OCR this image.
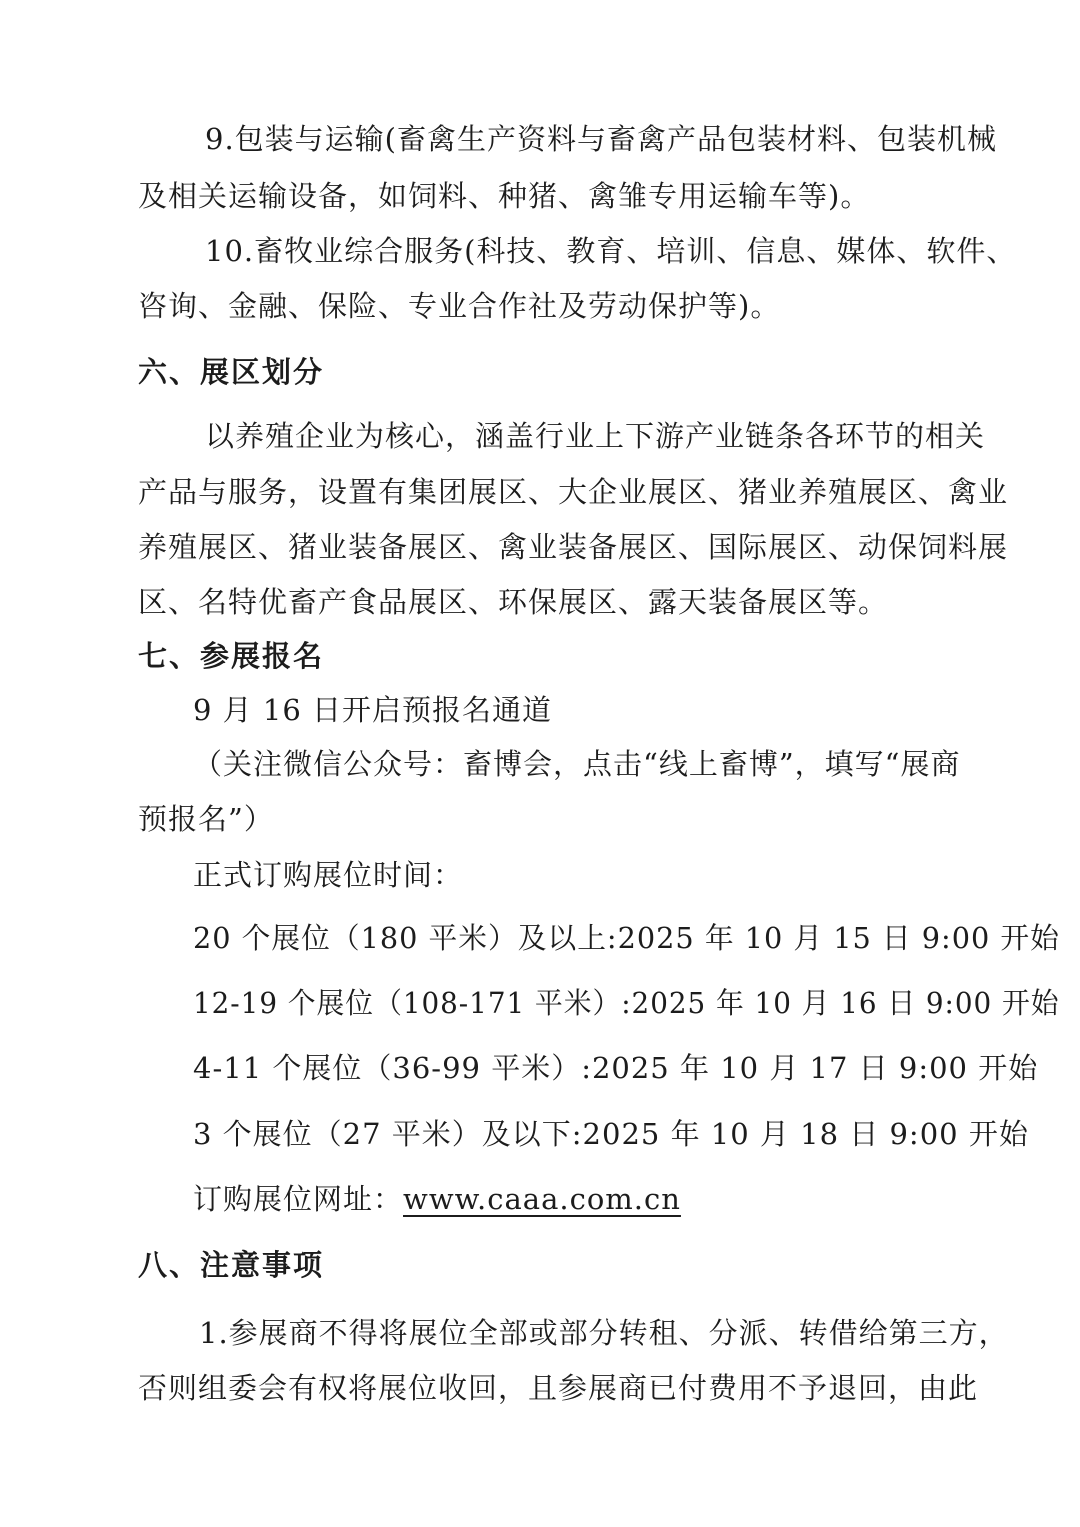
9.包装与运输(畜禽生产资料与畜禽产品包装材料、包装机械
及相关运输设备，如饲料、种猪、禽雏专用运输车等)。
10.畜牧业综合服务(科技、教育、培训、信息、媒体、软件、
咨询、金融、保险、专业合作社及劳动保护等)。
六、展区划分
以养殖企业为核心，涵盖行业上下游产业链条各环节的相关
产品与服务，设置有集团展区、大企业展区、猪业养殖展区、禽业
养殖展区、猪业装备展区、禽业装备展区、国际展区、动保饲料展
区、名特优畜产食品展区、环保展区、露天装备展区等。
七、参展报名
9 月 16 日开启预报名通道
（关注微信公众号：畜博会，点击“线上畜博”，填写“展商
预报名”）
正式订购展位时间：
20 个展位（180 平米）及以上:2025 年 10 月 15 日 9:00 开始
12-19 个展位（108-171 平米）:2025 年 10 月 16 日 9:00 开始
4-11 个展位（36-99 平米）:2025 年 10 月 17 日 9:00 开始
3 个展位（27 平米）及以下:2025 年 10 月 18 日 9:00 开始
订购展位网址：www.caaa.com.cn
八、注意事项
1.参展商不得将展位全部或部分转租、分派、转借给第三方，
否则组委会有权将展位收回，且参展商已付费用不予退回，由此
